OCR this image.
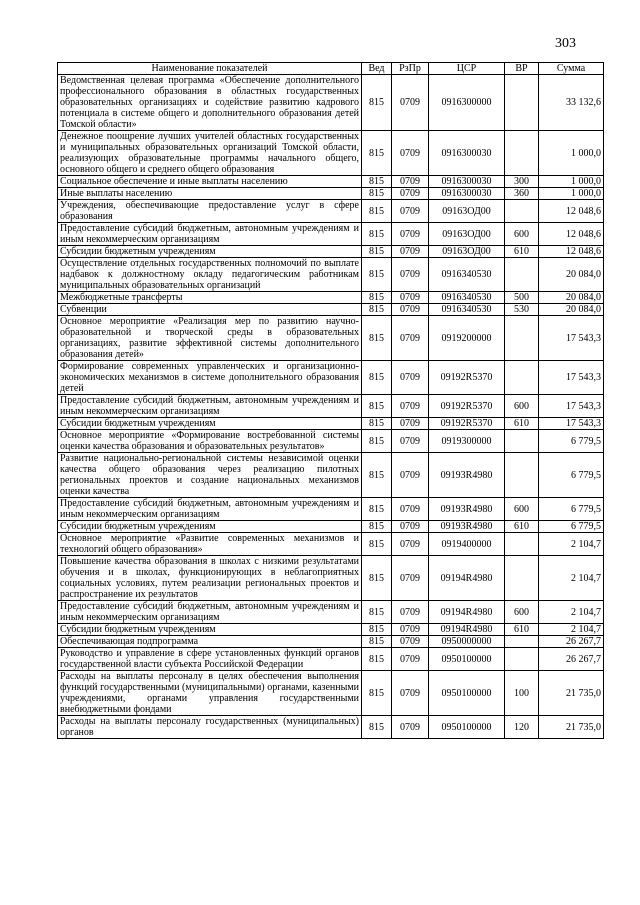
303
Наименование показателей	Вед	РзПр	ЦСР	ВР	Сумма
Ведомственная целевая программа «Обеспечение дополнительного профессионального образования в областных государственных образовательных организациях и содействие развитию кадрового потенциала в системе общего и дополнительного образования детей Томской области»	815	0709	0916300000		33 132,6
Денежное поощрение лучших учителей областных государственных и муниципальных образовательных организаций Томской области, реализующих образовательные программы начального общего, основного общего и среднего общего образования	815	0709	0916300030		1 000,0
Социальное обеспечение и иные выплаты населению	815	0709	0916300030	300	1 000,0
Иные выплаты населению	815	0709	0916300030	360	1 000,0
Учреждения, обеспечивающие предоставление услуг в сфере образования	815	0709	09163ОД00		12 048,6
Предоставление субсидий бюджетным, автономным учреждениям и иным некоммерческим организациям	815	0709	09163ОД00	600	12 048,6
Субсидии бюджетным учреждениям	815	0709	09163ОД00	610	12 048,6
Осуществление отдельных государственных полномочий по выплате надбавок к должностному окладу педагогическим работникам муниципальных образовательных организаций	815	0709	0916340530		20 084,0
Межбюджетные трансферты	815	0709	0916340530	500	20 084,0
Субвенции	815	0709	0916340530	530	20 084,0
Основное мероприятие «Реализация мер по развитию научно-образовательной и творческой среды в образовательных организациях, развитие эффективной системы дополнительного образования детей»	815	0709	0919200000		17 543,3
Формирование современных управленческих и организационно-экономических механизмов в системе дополнительного образования детей	815	0709	09192R5370		17 543,3
Предоставление субсидий бюджетным, автономным учреждениям и иным некоммерческим организациям	815	0709	09192R5370	600	17 543,3
Субсидии бюджетным учреждениям	815	0709	09192R5370	610	17 543,3
Основное мероприятие «Формирование востребованной системы оценки качества образования и образовательных результатов»	815	0709	0919300000		6 779,5
Развитие национально-региональной системы независимой оценки качества общего образования через реализацию пилотных региональных проектов и создание национальных механизмов оценки качества	815	0709	09193R4980		6 779,5
Предоставление субсидий бюджетным, автономным учреждениям и иным некоммерческим организациям	815	0709	09193R4980	600	6 779,5
Субсидии бюджетным учреждениям	815	0709	09193R4980	610	6 779,5
Основное мероприятие «Развитие современных механизмов и технологий общего образования»	815	0709	0919400000		2 104,7
Повышение качества образования в школах с низкими результатами обучения и в школах, функционирующих в неблагоприятных социальных условиях, путем реализации региональных проектов и распространение их результатов	815	0709	09194R4980		2 104,7
Предоставление субсидий бюджетным, автономным учреждениям и иным некоммерческим организациям	815	0709	09194R4980	600	2 104,7
Субсидии бюджетным учреждениям	815	0709	09194R4980	610	2 104,7
Обеспечивающая подпрограмма	815	0709	0950000000		26 267,7
Руководство и управление в сфере установленных функций органов государственной власти субъекта Российской Федерации	815	0709	0950100000		26 267,7
Расходы на выплаты персоналу в целях обеспечения выполнения функций государственными (муниципальными) органами, казенными учреждениями, органами управления государственными внебюджетными фондами	815	0709	0950100000	100	21 735,0
Расходы на выплаты персоналу государственных (муниципальных) органов	815	0709	0950100000	120	21 735,0
